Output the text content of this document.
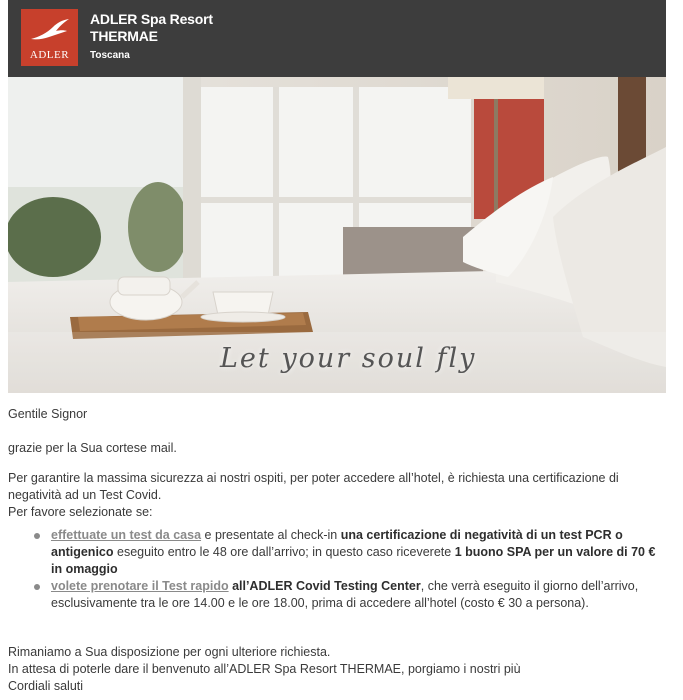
ADLER
ADLER Spa Resort
THERMAE
Toscana
Let your soul fly

Gentile Signor

grazie per la Sua cortese mail.

Per garantire la massima sicurezza ai nostri ospiti, per poter accedere all’hotel, è richiesta una certificazione di

negatività ad un Test Covid.

Per favore selezionate se:

effettuate un test da casa e presentate al check-in una certificazione di negatività di un test PCR o antigenico eseguito entro le 48 ore dall’arrivo; in questo caso riceverete 1 buono SPA per un valore di 70 € in omaggio
volete prenotare il Test rapido all’ADLER Covid Testing Center, che verrà eseguito il giorno dell’arrivo, esclusivamente tra le ore 14.00 e le ore 18.00, prima di accedere all’hotel (costo € 30 a persona).

Rimaniamo a Sua disposizione per ogni ulteriore richiesta.

In attesa di poterle dare il benvenuto all’ADLER Spa Resort THERMAE, porgiamo i nostri più

Cordiali saluti
